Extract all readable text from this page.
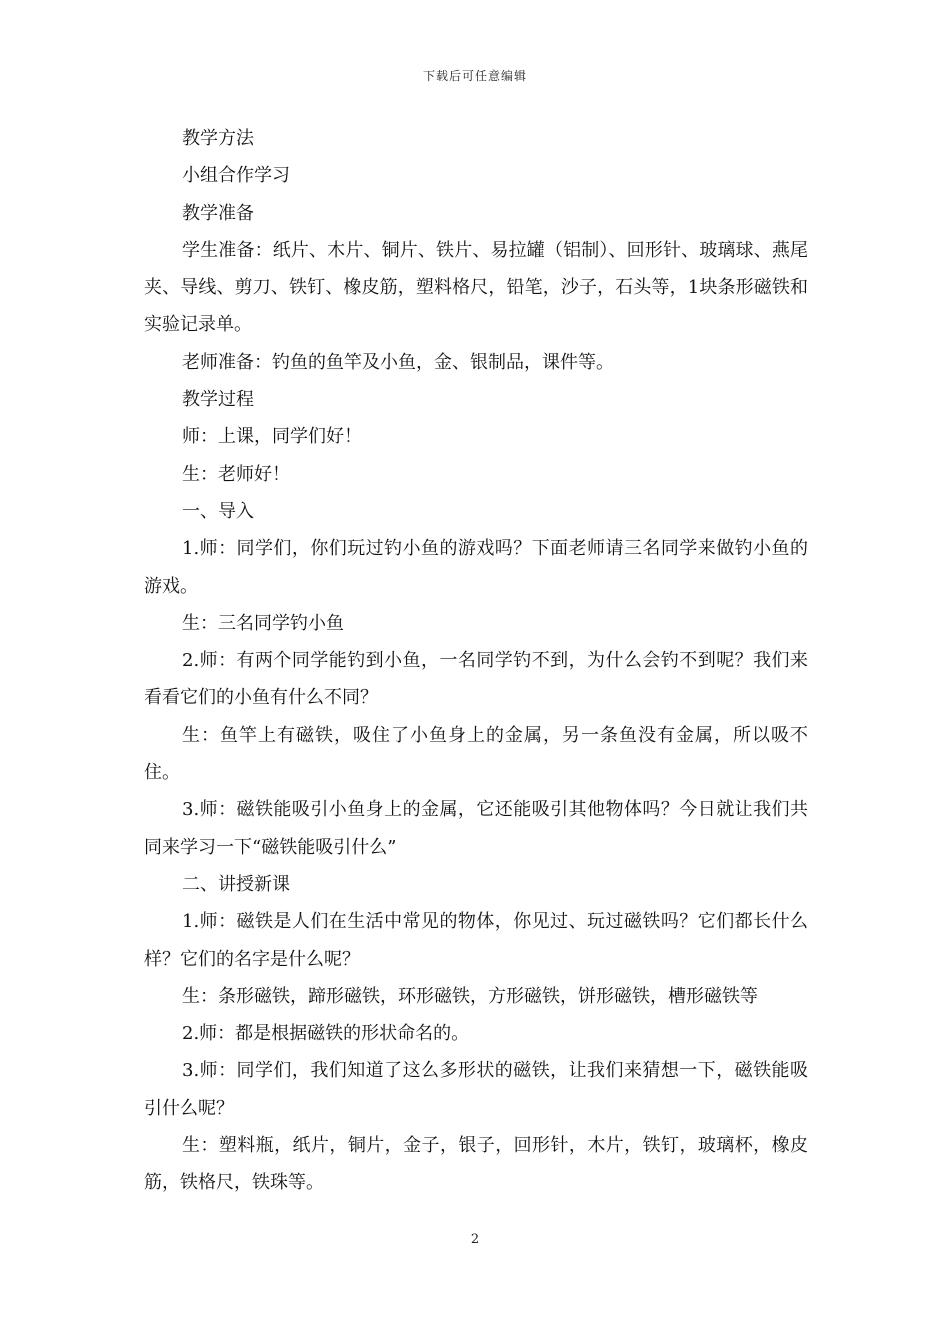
下载后可任意编辑

教学方法

小组合作学习

教学准备

学生准备：纸片、木片、铜片、铁片、易拉罐（铝制）、回形针、玻璃球、燕尾夹、导线、剪刀、铁钉、橡皮筋，塑料格尺，铅笔，沙子，石头等，1块条形磁铁和实验记录单。

老师准备：钓鱼的鱼竿及小鱼，金、银制品，课件等。

教学过程

师：上课，同学们好！

生：老师好！

一、导入

1.师：同学们，你们玩过钓小鱼的游戏吗？下面老师请三名同学来做钓小鱼的游戏。

生：三名同学钓小鱼

2.师：有两个同学能钓到小鱼，一名同学钓不到，为什么会钓不到呢？我们来看看它们的小鱼有什么不同？

生：鱼竿上有磁铁，吸住了小鱼身上的金属，另一条鱼没有金属，所以吸不住。

3.师：磁铁能吸引小鱼身上的金属，它还能吸引其他物体吗？今日就让我们共同来学习一下“磁铁能吸引什么”

二、讲授新课

1.师：磁铁是人们在生活中常见的物体，你见过、玩过磁铁吗？它们都长什么样？它们的名字是什么呢？

生：条形磁铁，蹄形磁铁，环形磁铁，方形磁铁，饼形磁铁，槽形磁铁等

2.师：都是根据磁铁的形状命名的。

3.师：同学们，我们知道了这么多形状的磁铁，让我们来猜想一下，磁铁能吸引什么呢？

生：塑料瓶，纸片，铜片，金子，银子，回形针，木片，铁钉，玻璃杯，橡皮筋，铁格尺，铁珠等。

2
